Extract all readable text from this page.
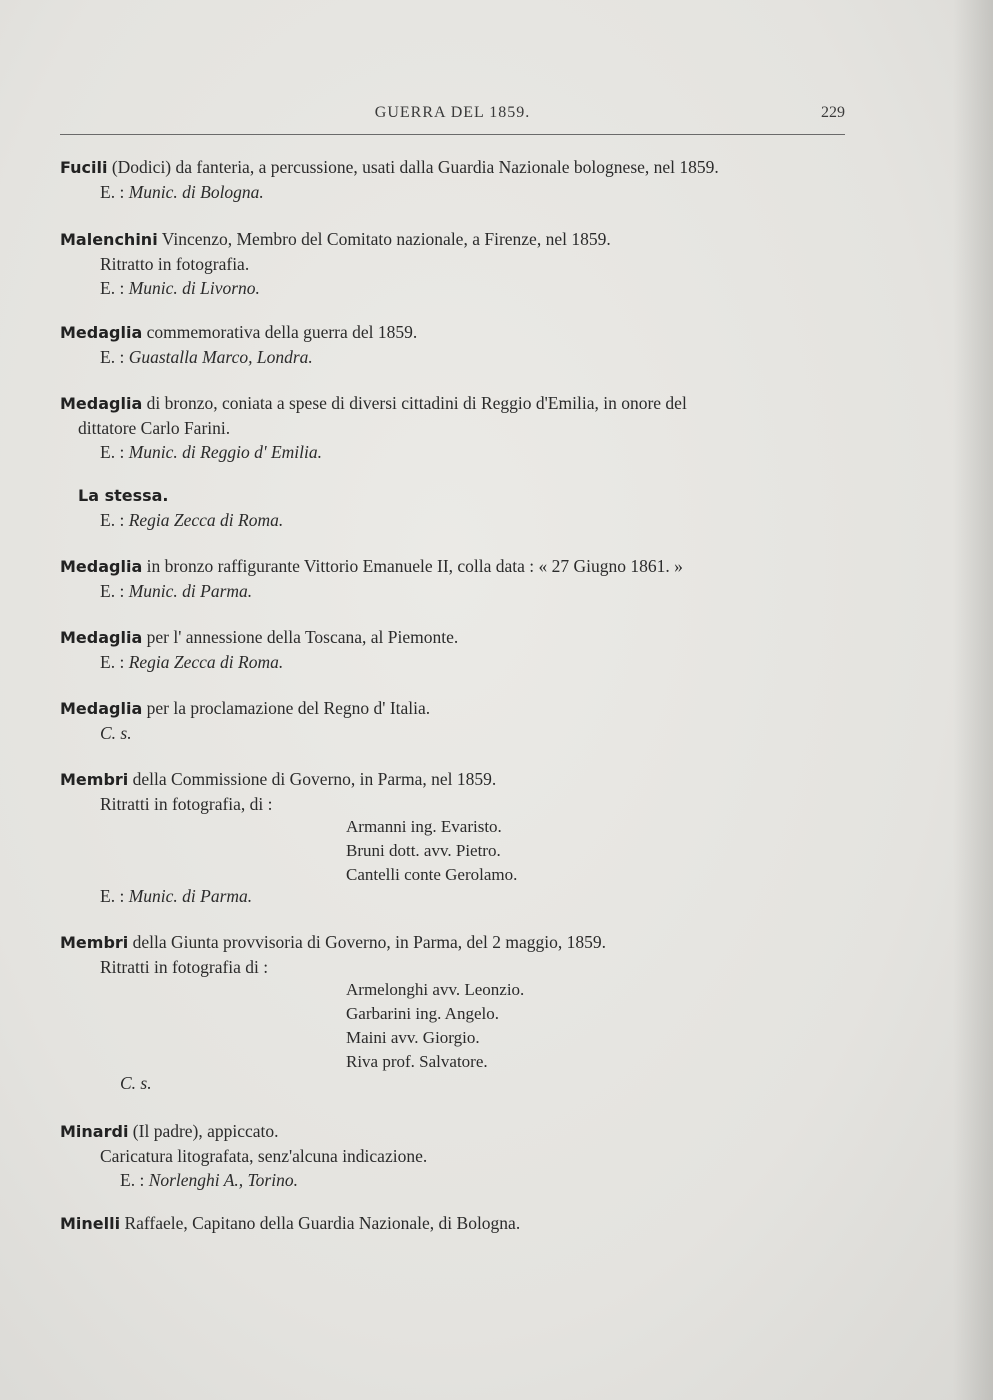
GUERRA DEL 1859.	229
Fucili (Dodici) da fanteria, a percussione, usati dalla Guardia Nazionale bolognese, nel 1859.
E. : Munic. di Bologna.
Malenchini Vincenzo, Membro del Comitato nazionale, a Firenze, nel 1859.
Ritratto in fotografia.
E. : Munic. di Livorno.
Medaglia commemorativa della guerra del 1859.
E. : Guastalla Marco, Londra.
Medaglia di bronzo, coniata a spese di diversi cittadini di Reggio d'Emilia, in onore del
dittatore Carlo Farini.
E. : Munic. di Reggio d' Emilia.
La stessa.
E. : Regia Zecca di Roma.
Medaglia in bronzo raffigurante Vittorio Emanuele II, colla data : « 27 Giugno 1861. »
E. : Munic. di Parma.
Medaglia per l' annessione della Toscana, al Piemonte.
E. : Regia Zecca di Roma.
Medaglia per la proclamazione del Regno d' Italia.
C. s.
Membri della Commissione di Governo, in Parma, nel 1859.
Ritratti in fotografia, di :
Armanni ing. Evaristo.
Bruni dott. avv. Pietro.
Cantelli conte Gerolamo.
E. : Munic. di Parma.
Membri della Giunta provvisoria di Governo, in Parma, del 2 maggio, 1859.
Ritratti in fotografia di :
Armelonghi avv. Leonzio.
Garbarini ing. Angelo.
Maini avv. Giorgio.
Riva prof. Salvatore.
C. s.
Minardi (Il padre), appiccato.
Caricatura litografata, senz'alcuna indicazione.
E. : Norlenghi A., Torino.
Minelli Raffaele, Capitano della Guardia Nazionale, di Bologna.
